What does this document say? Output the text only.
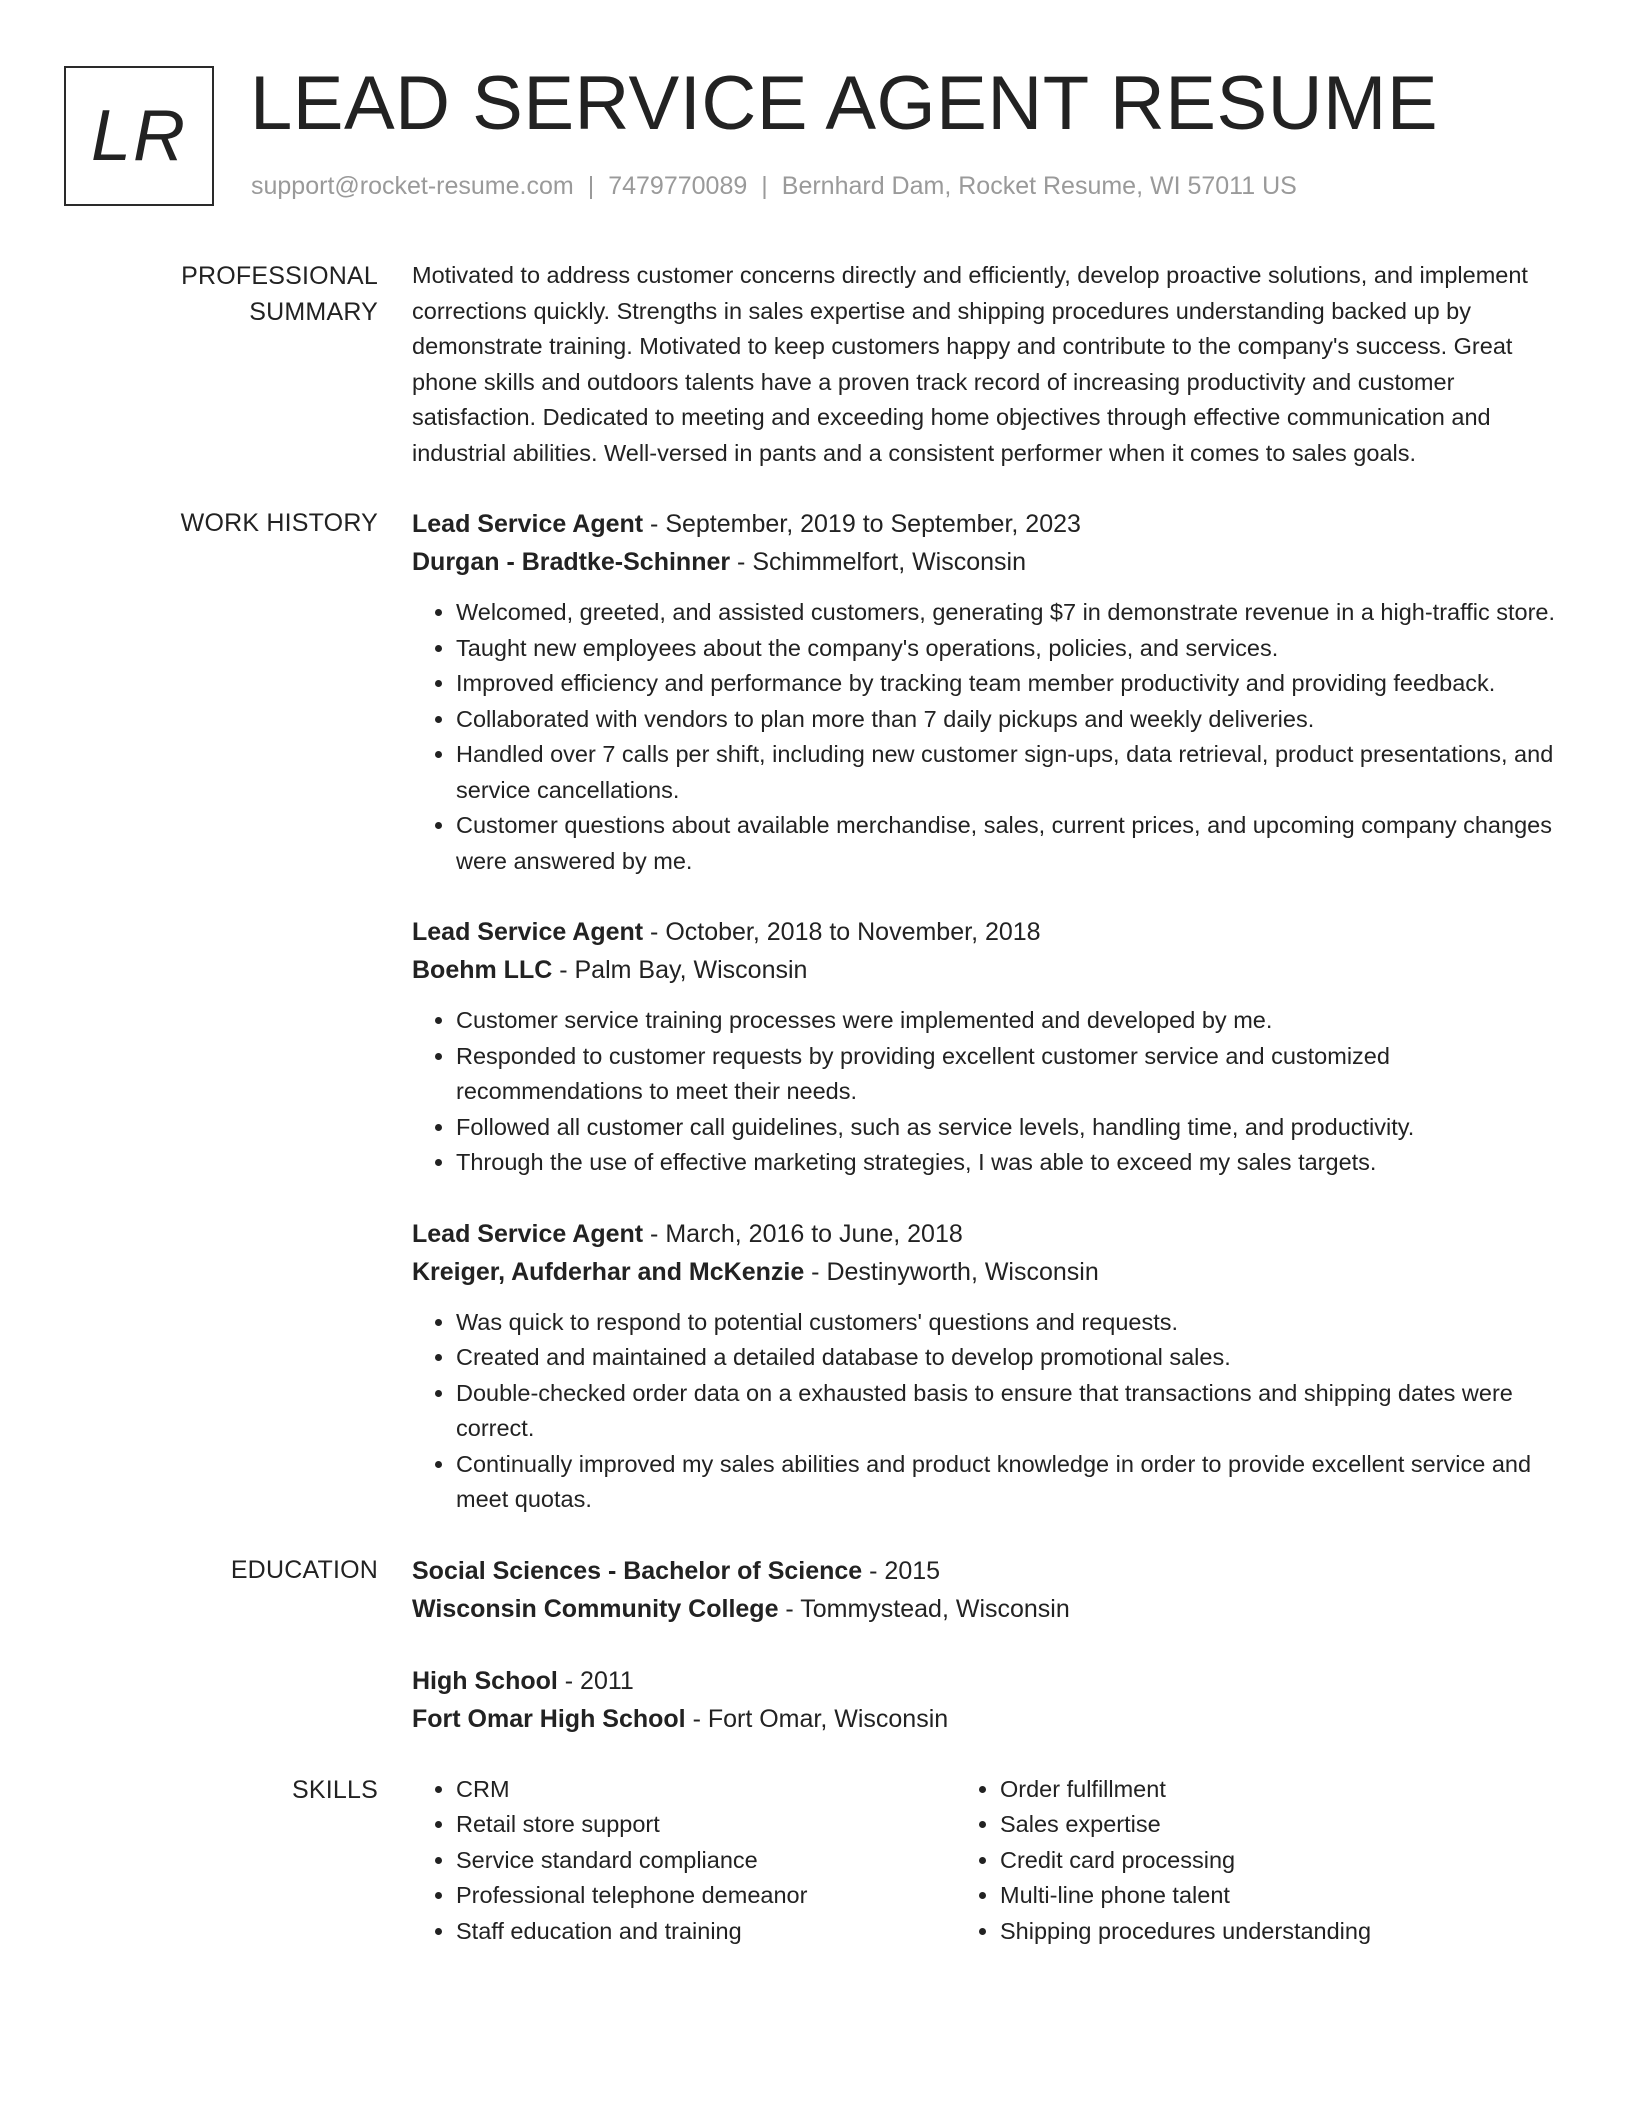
LR LEAD SERVICE AGENT RESUME
support@rocket-resume.com | 7479770089 | Bernhard Dam, Rocket Resume, WI 57011 US
PROFESSIONAL SUMMARY

Motivated to address customer concerns directly and efficiently, develop proactive solutions, and implement corrections quickly. Strengths in sales expertise and shipping procedures understanding backed up by demonstrate training. Motivated to keep customers happy and contribute to the company's success. Great phone skills and outdoors talents have a proven track record of increasing productivity and customer satisfaction. Dedicated to meeting and exceeding home objectives through effective communication and industrial abilities. Well-versed in pants and a consistent performer when it comes to sales goals.

WORK HISTORY	Lead Service Agent - September, 2019 to September, 2023
Durgan - Bradtke-Schinner - Schimmelfort, Wisconsin
• Welcomed, greeted, and assisted customers, generating $7 in demonstrate revenue in a high-traffic store.
• Taught new employees about the company's operations, policies, and services.
• Improved efficiency and performance by tracking team member productivity and providing feedback.
• Collaborated with vendors to plan more than 7 daily pickups and weekly deliveries.
• Handled over 7 calls per shift, including new customer sign-ups, data retrieval, product presentations, and service cancellations.
• Customer questions about available merchandise, sales, current prices, and upcoming company changes were answered by me.
Lead Service Agent - October, 2018 to November, 2018
Boehm LLC - Palm Bay, Wisconsin
• Customer service training processes were implemented and developed by me.
• Responded to customer requests by providing excellent customer service and customized recommendations to meet their needs.
• Followed all customer call guidelines, such as service levels, handling time, and productivity.
• Through the use of effective marketing strategies, I was able to exceed my sales targets.
Lead Service Agent - March, 2016 to June, 2018
Kreiger, Aufderhar and McKenzie - Destinyworth, Wisconsin
• Was quick to respond to potential customers' questions and requests.
• Created and maintained a detailed database to develop promotional sales.
• Double-checked order data on a exhausted basis to ensure that transactions and shipping dates were correct.
• Continually improved my sales abilities and product knowledge in order to provide excellent service and meet quotas.
EDUCATION	Social Sciences - Bachelor of Science - 2015
Wisconsin Community College - Tommystead, Wisconsin
High School - 2011
Fort Omar High School - Fort Omar, Wisconsin
SKILLS
•	CRM
• Retail store support
• Service standard compliance
• Professional telephone demeanor
• Staff education and training
• Order fulfillment
• Sales expertise
• Credit card processing
• Multi-line phone talent
• Shipping procedures understanding
